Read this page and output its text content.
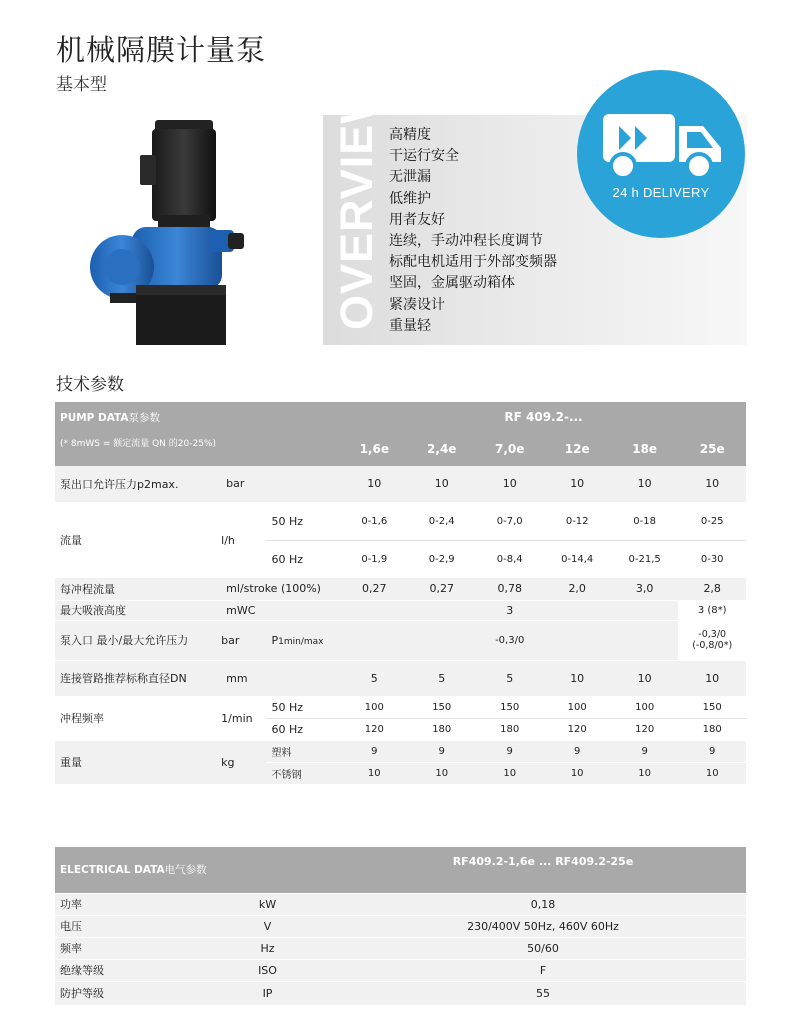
机械隔膜计量泵
基本型	OVERVIEW 高精度
干运行安全
无泄漏
低维护
用者友好
连续，手动冲程长度调节
标配电机适用于外部变频器
坚固，金属驱动箱体
紧凑设计
重量轻
24 h DELIVERY
技术参数
PUMP DATA泵参数			RF 409.2-...					
(* 8mWS = 额定流量 QN 的20-25%)			1,6e	2,4e	7,0e	12e	18e	25e
泵出口允许压力p2max.	bar		10	10	10	10	10	10
流量	l/h	50 Hz	0-1,6	0-2,4	0-7,0	0-12	0-18	0-25
		60 Hz	0-1,9	0-2,9	0-8,4	0-14,4	0-21,5	0-30
每冲程流量	ml/stroke (100%)		0,27	0,27	0,78	2,0	3,0	2,8
最大吸液高度	mWC		3					3 (8*)
泵入口 最小/最大允许压力	bar	P1min/max	-0,3/0					-0,3/0
(-0,8/0*)

连接管路推荐标称直径DN	mm		5	5	5	10	10	10
冲程频率	1/min	50 Hz	100	150	150	100	100	150
		60 Hz	120	180	180	120	120	180
重量	kg	塑料	9	9	9	9	9	9
		不锈钢	10	10	10	10	10	10
ELECTRICAL DATA电气参数		RF409.2-1,6e ... RF409.2-25e
功率	kW	0,18
电压	V	230/400V 50Hz, 460V 60Hz
频率	Hz	50/60
绝缘等级	ISO	F
防护等级	IP	55
